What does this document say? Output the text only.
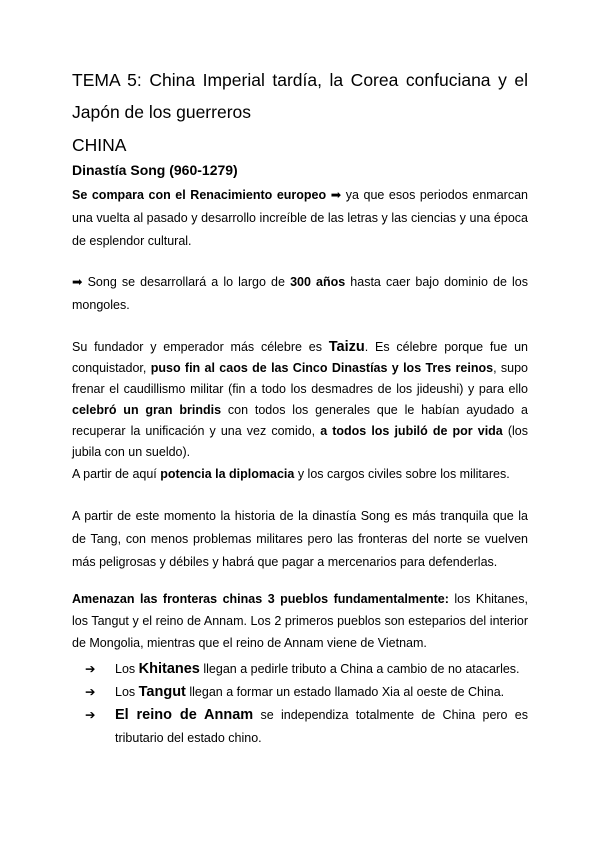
TEMA 5: China Imperial tardía, la Corea confuciana y el Japón de los guerreros
CHINA
Dinastía Song (960-1279)
Se compara con el Renacimiento europeo ➡ ya que esos periodos enmarcan una vuelta al pasado y desarrollo increíble de las letras y las ciencias y una época de esplendor cultural.
➡ Song se desarrollará a lo largo de 300 años hasta caer bajo dominio de los mongoles.
Su fundador y emperador más célebre es Taizu. Es célebre porque fue un conquistador, puso fin al caos de las Cinco Dinastías y los Tres reinos, supo frenar el caudillismo militar (fin a todo los desmadres de los jideushi) y para ello celebró un gran brindis con todos los generales que le habían ayudado a recuperar la unificación y una vez comido, a todos los jubiló de por vida (los jubila con un sueldo).
A partir de aquí potencia la diplomacia y los cargos civiles sobre los militares.
A partir de este momento la historia de la dinastía Song es más tranquila que la de Tang, con menos problemas militares pero las fronteras del norte se vuelven más peligrosas y débiles y habrá que pagar a mercenarios para defenderlas.
Amenazan las fronteras chinas 3 pueblos fundamentalmente: los Khitanes, los Tangut y el reino de Annam. Los 2 primeros pueblos son esteparios del interior de Mongolia, mientras que el reino de Annam viene de Vietnam.
➔ Los Khitanes llegan a pedirle tributo a China a cambio de no atacarles.
➔ Los Tangut llegan a formar un estado llamado Xia al oeste de China.
➔ El reino de Annam se independiza totalmente de China pero es tributario del estado chino.
